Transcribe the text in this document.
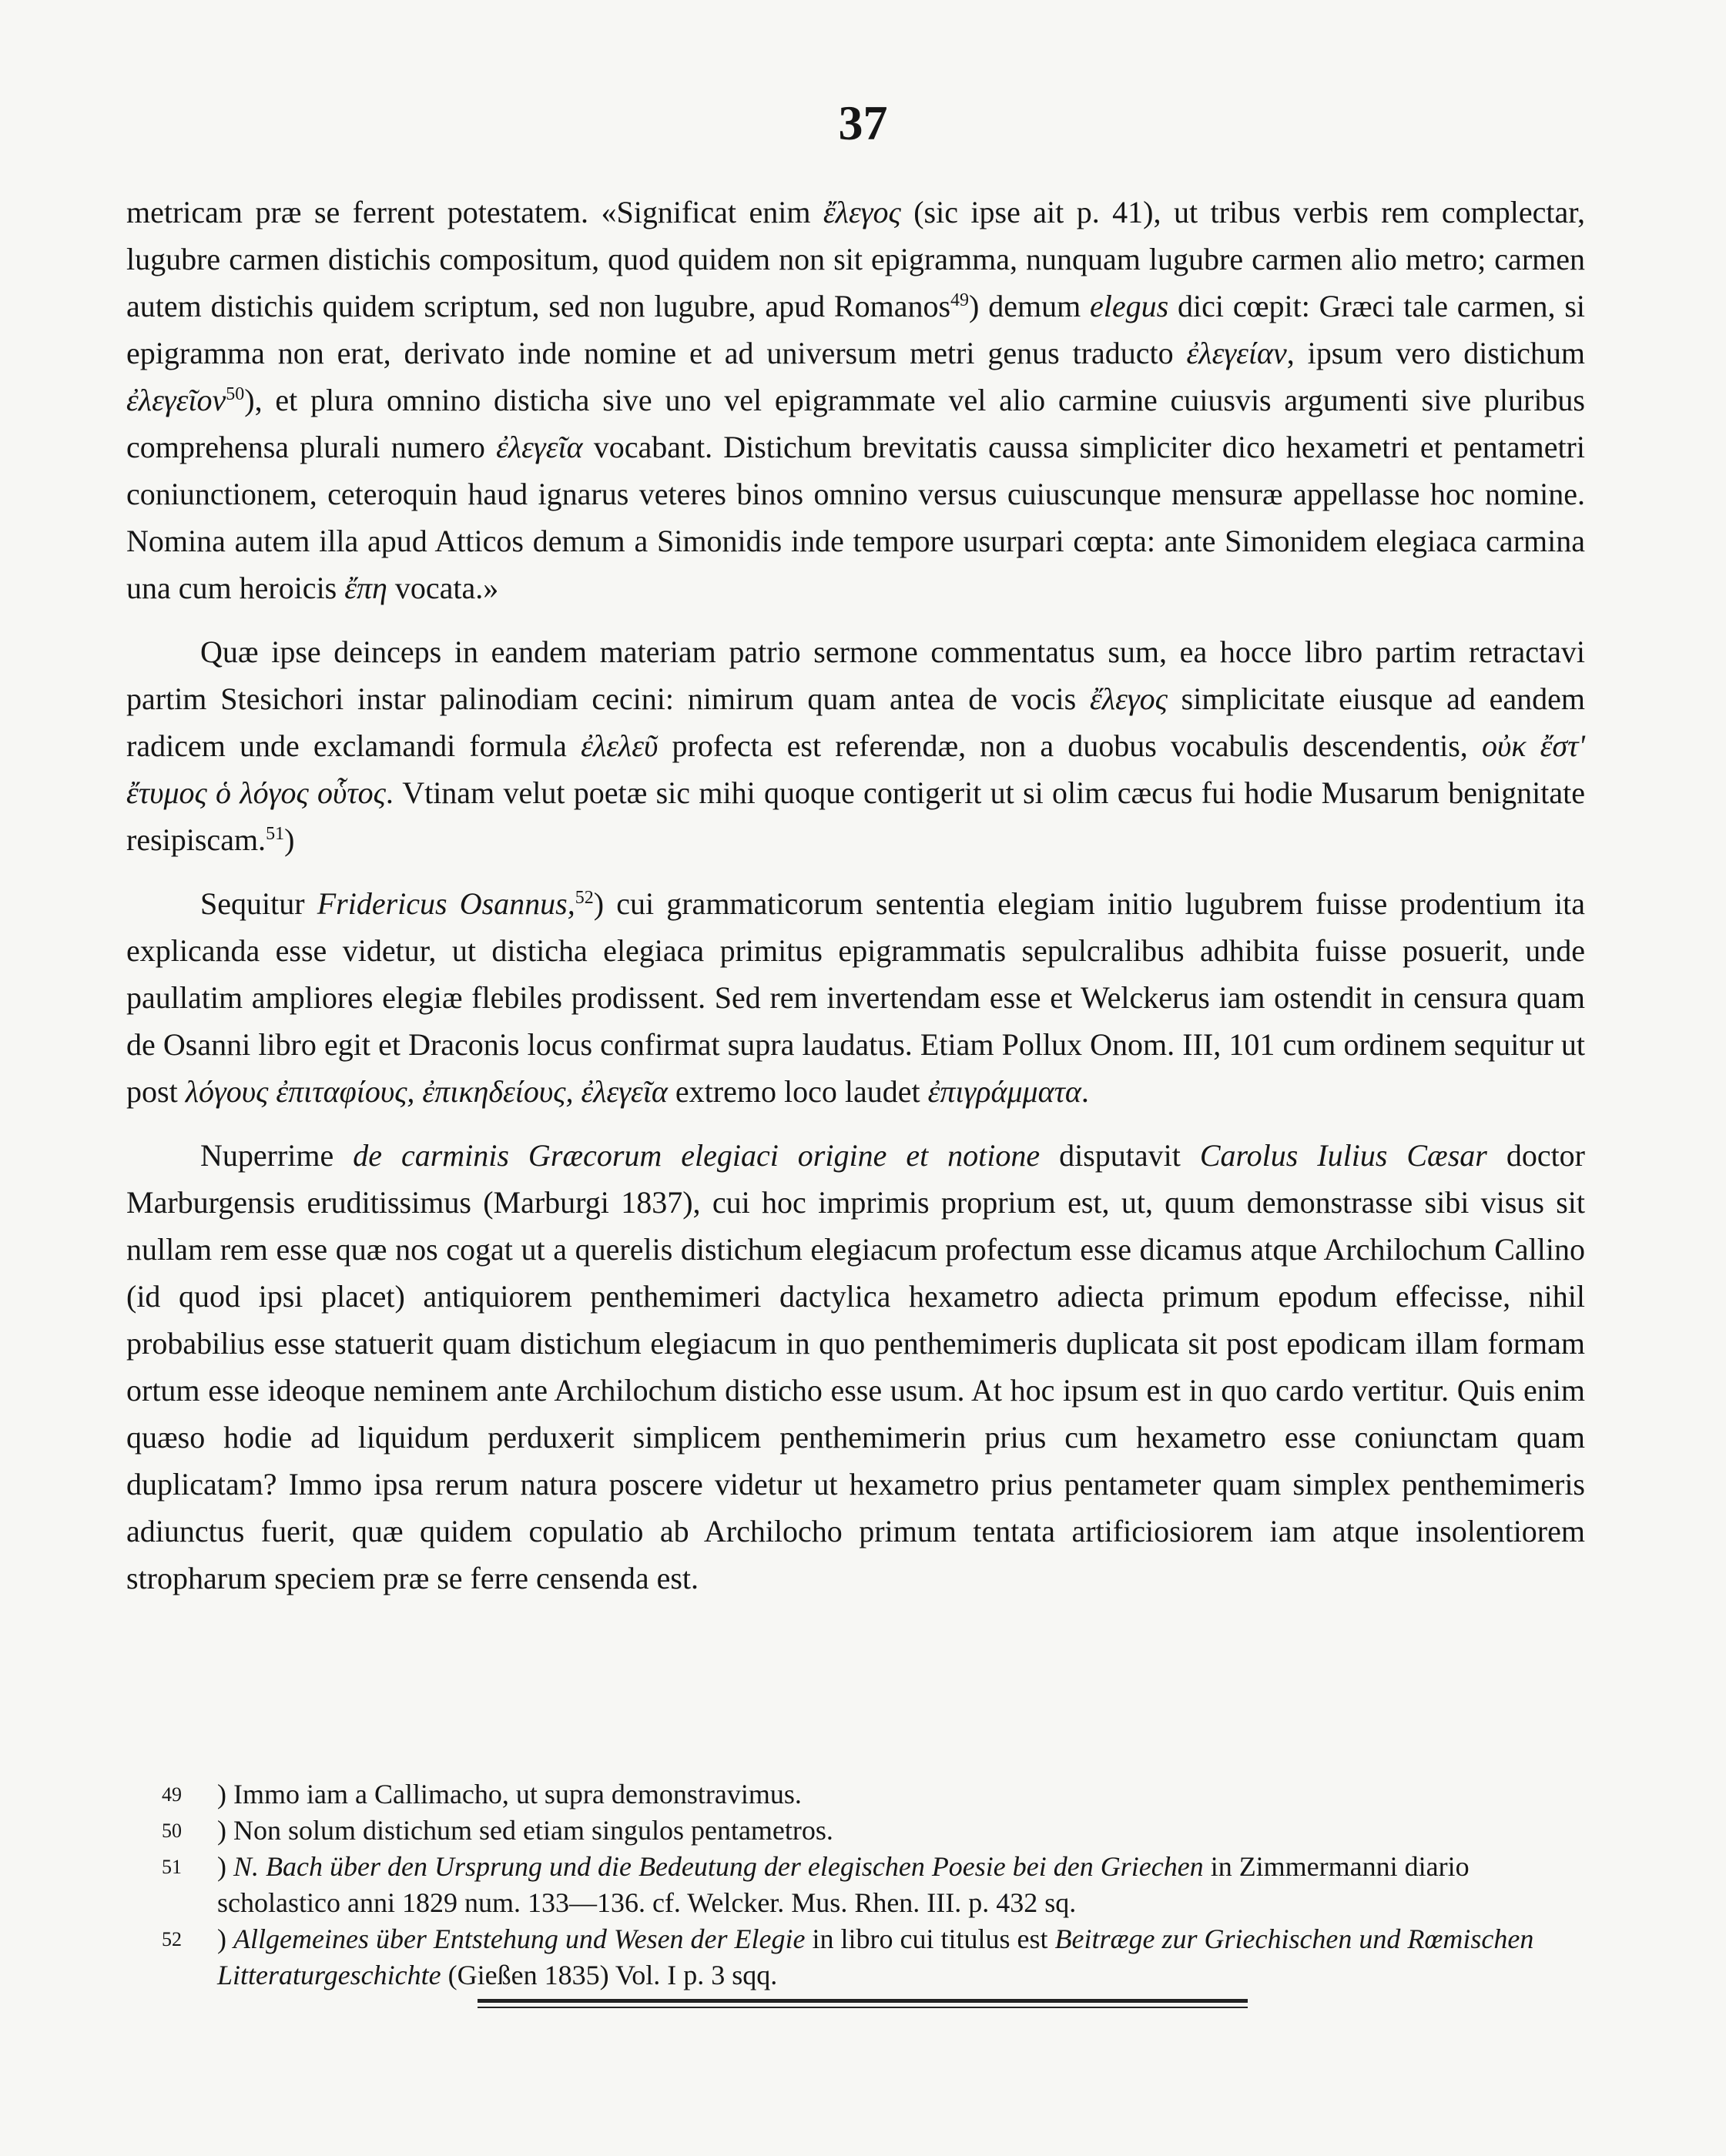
37

metricam præ se ferrent potestatem. «Significat enim ἔλεγος (sic ipse ait p. 41), ut tribus verbis rem complectar, lugubre carmen distichis compositum, quod quidem non sit epigramma, nunquam lugubre carmen alio metro; carmen autem distichis quidem scriptum, sed non lugubre, apud Romanos$^{49}$) demum elegus dici cœpit: Græci tale carmen, si epigramma non erat, derivato inde nomine et ad universum metri genus traducto ἐλεγείαν, ipsum vero distichum ἐλεγεῖον$^{50}$), et plura omnino disticha sive uno vel epigrammate vel alio carmine cuiusvis argumenti sive pluribus comprehensa plurali numero ἐλεγεῖα vocabant. Distichum brevitatis caussa simpliciter dico hexametri et pentametri coniunctionem, ceteroquin haud ignarus veteres binos omnino versus cuiuscunque mensuræ appellasse hoc nomine. Nomina autem illa apud Atticos demum a Simonidis inde tempore usurpari cœpta: ante Simonidem elegiaca carmina una cum heroicis ἔπη vocata.»

Quæ ipse deinceps in eandem materiam patrio sermone commentatus sum, ea hocce libro partim retractavi partim Stesichori instar palinodiam cecini: nimirum quam antea de vocis ἔλεγος simplicitate eiusque ad eandem radicem unde exclamandi formula ἐλελεῦ profecta est referendæ, non a duobus vocabulis descendentis, οὐκ ἔστ' ἔτυμος ὁ λόγος οὗτος. Vtinam velut poetæ sic mihi quoque contigerit ut si olim cæcus fui hodie Musarum benignitate resipiscam.$^{51}$)

Sequitur Fridericus Osannus,$^{52}$) cui grammaticorum sententia elegiam initio lugubrem fuisse prodentium ita explicanda esse videtur, ut disticha elegiaca primitus epigrammatis sepulcralibus adhibita fuisse posuerit, unde paullatim ampliores elegiæ flebiles prodissent. Sed rem invertendam esse et Welckerus iam ostendit in censura quam de Osanni libro egit et Draconis locus confirmat supra laudatus. Etiam Pollux Onom. III, 101 cum ordinem sequitur ut post λόγους ἐπιταφίους, ἐπικηδείους, ἐλεγεῖα extremo loco laudet ἐπιγράμματα.

Nuperrime de carminis Græcorum elegiaci origine et notione disputavit Carolus Iulius Cæsar doctor Marburgensis eruditissimus (Marburgi 1837), cui hoc imprimis proprium est, ut, quum demonstrasse sibi visus sit nullam rem esse quæ nos cogat ut a querelis distichum elegiacum profectum esse dicamus atque Archilochum Callino (id quod ipsi placet) antiquiorem penthemimeri dactylica hexametro adiecta primum epodum effecisse, nihil probabilius esse statuerit quam distichum elegiacum in quo penthemimeris duplicata sit post epodicam illam formam ortum esse ideoque neminem ante Archilochum disticho esse usum. At hoc ipsum est in quo cardo vertitur. Quis enim quæso hodie ad liquidum perduxerit simplicem penthemimerin prius cum hexametro esse coniunctam quam duplicatam? Immo ipsa rerum natura poscere videtur ut hexametro prius pentameter quam simplex penthemimeris adiunctus fuerit, quæ quidem copulatio ab Archilocho primum tentata artificiosiorem iam atque insolentiorem stropharum speciem præ se ferre censenda est.

49	) Immo iam a Callimacho, ut supra demonstravimus.
50	) Non solum distichum sed etiam singulos pentametros.
51	) N. Bach über den Ursprung und die Bedeutung der elegischen Poesie bei den Griechen in Zimmermanni diario scholastico anni 1829 num. 133—136. cf. Welcker. Mus. Rhen. III. p. 432 sq.
52	) Allgemeines über Entstehung und Wesen der Elegie in libro cui titulus est Beitræge zur Griechischen und Rœmischen Litteraturgeschichte (Gießen 1835) Vol. I p. 3 sqq.
